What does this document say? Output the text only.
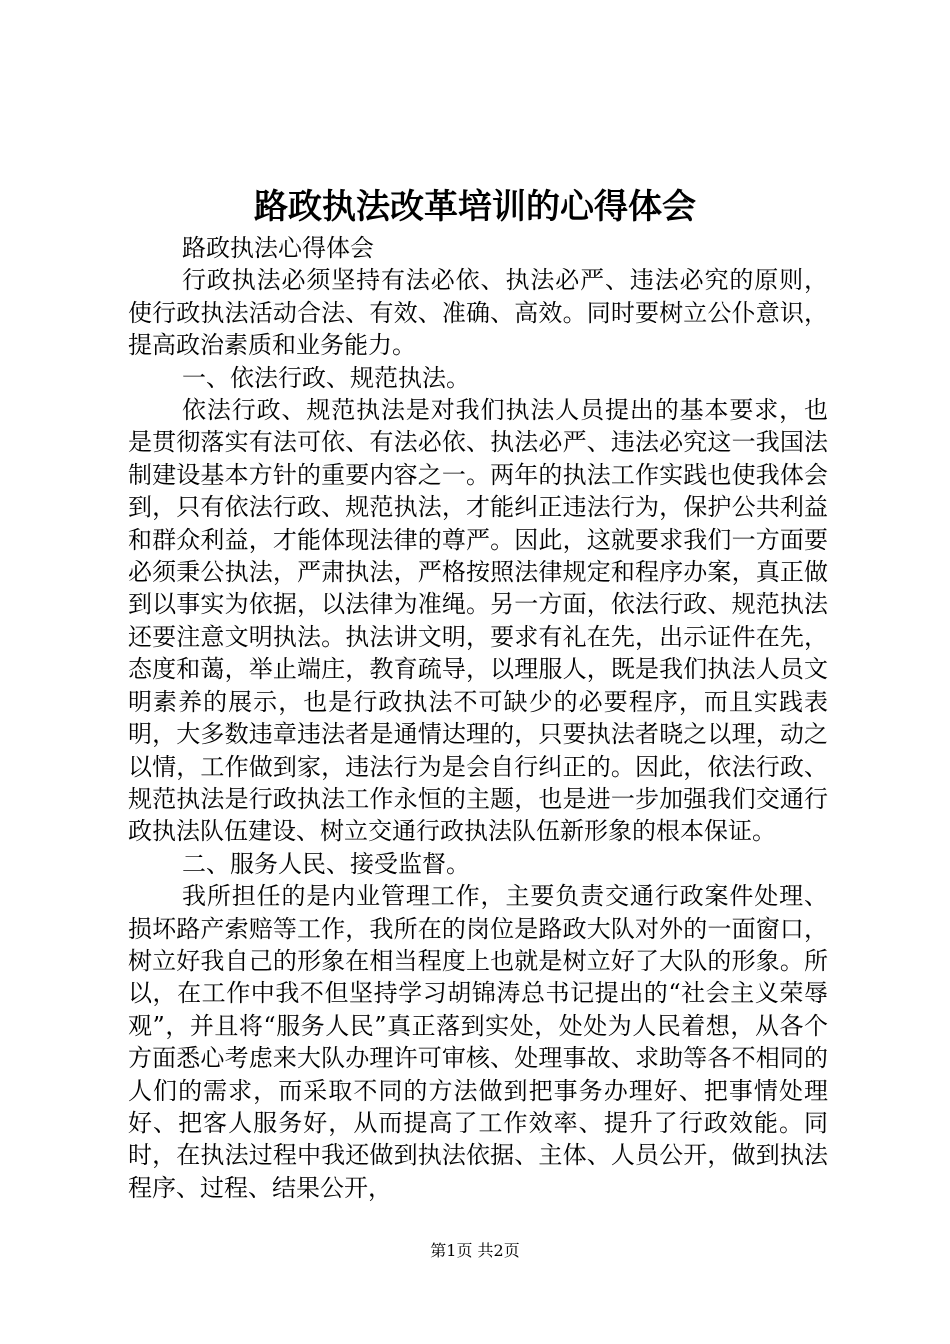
路政执法改革培训的心得体会

路政执法心得体会

行政执法必须坚持有法必依、执法必严、违法必究的原则，使行政执法活动合法、有效、准确、高效。同时要树立公仆意识，提高政治素质和业务能力。

一、依法行政、规范执法。

依法行政、规范执法是对我们执法人员提出的基本要求，也是贯彻落实有法可依、有法必依、执法必严、违法必究这一我国法制建设基本方针的重要内容之一。两年的执法工作实践也使我体会到，只有依法行政、规范执法，才能纠正违法行为，保护公共利益和群众利益，才能体现法律的尊严。因此，这就要求我们一方面要必须秉公执法，严肃执法，严格按照法律规定和程序办案，真正做到以事实为依据，以法律为准绳。另一方面，依法行政、规范执法还要注意文明执法。执法讲文明，要求有礼在先，出示证件在先，态度和蔼，举止端庄，教育疏导，以理服人，既是我们执法人员文明素养的展示，也是行政执法不可缺少的必要程序，而且实践表明，大多数违章违法者是通情达理的，只要执法者晓之以理，动之以情，工作做到家，违法行为是会自行纠正的。因此，依法行政、规范执法是行政执法工作永恒的主题，也是进一步加强我们交通行政执法队伍建设、树立交通行政执法队伍新形象的根本保证。

二、服务人民、接受监督。

我所担任的是内业管理工作，主要负责交通行政案件处理、损坏路产索赔等工作，我所在的岗位是路政大队对外的一面窗口，树立好我自己的形象在相当程度上也就是树立好了大队的形象。所以，在工作中我不但坚持学习胡锦涛总书记提出的“社会主义荣辱观”，并且将“服务人民”真正落到实处，处处为人民着想，从各个方面悉心考虑来大队办理许可审核、处理事故、求助等各不相同的人们的需求，而采取不同的方法做到把事务办理好、把事情处理好、把客人服务好，从而提高了工作效率、提升了行政效能。同时，在执法过程中我还做到执法依据、主体、人员公开，做到执法程序、过程、结果公开，

第1页 共2页
